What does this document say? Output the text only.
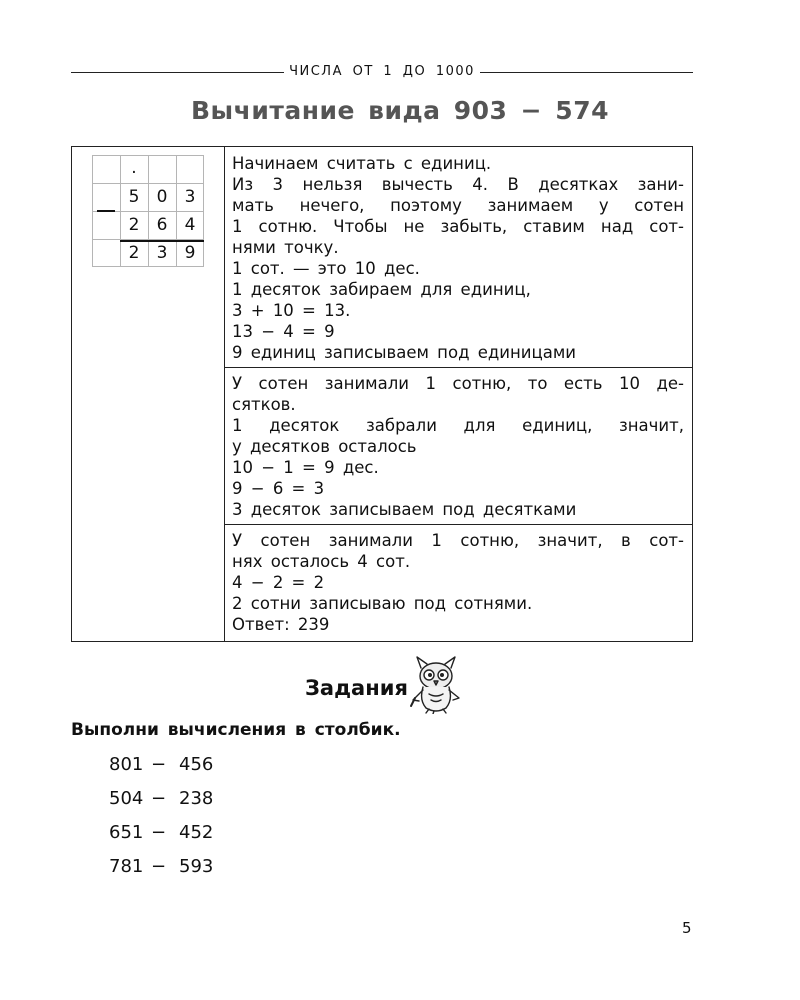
ЧИСЛА ОТ 1 ДО 1000
Вычитание вида 903 − 574
.
5	0	3
2	6	4
2	3	9
Начинаем считать с единиц.
Из 3 нельзя вычесть 4. В десятках зани-
мать нечего, поэтому занимаем у сотен
1 сотню. Чтобы не забыть, ставим над сот-
нями точку.
1 сот. — это 10 дес.
1 десяток забираем для единиц,
3 + 10 = 13.
13 − 4 = 9
9 единиц записываем под единицами
У сотен занимали 1 сотню, то есть 10 де-
сятков.
1 десяток забрали для единиц, значит,
у десятков осталось
10 − 1 = 9 дес.
9 − 6 = 3
3 десяток записываем под десятками
У сотен занимали 1 сотню, значит, в сот-
нях осталось 4 сот.
4 − 2 = 2
2 сотни записываю под сотнями.
Ответ: 239
Задания
Выполни вычисления в столбик.
801 − 456
504 − 238
651 − 452
781 − 593
5
